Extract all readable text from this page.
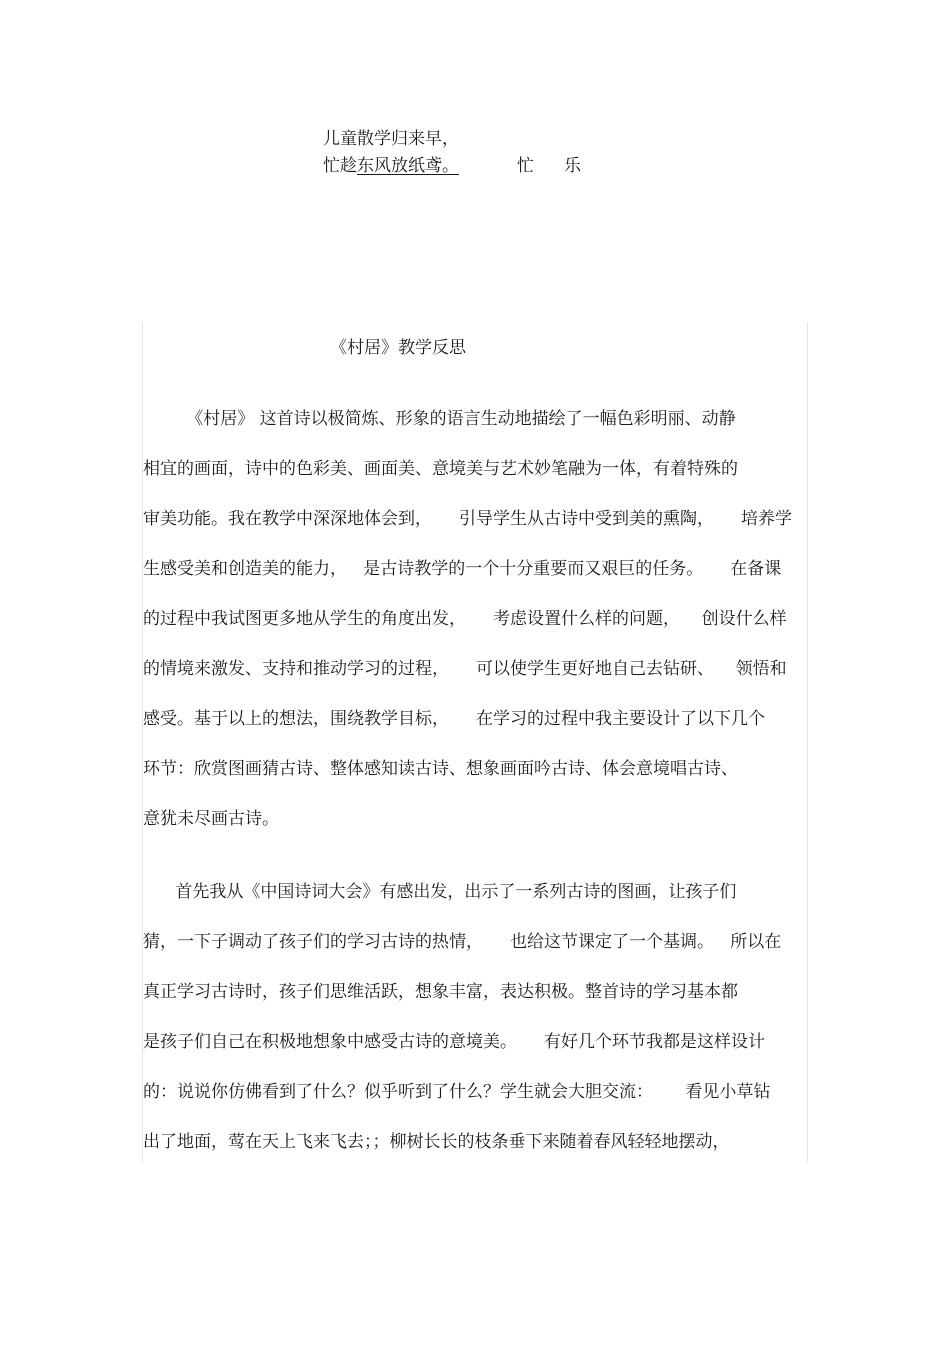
儿童散学归来早，
忙趁东风放纸鸢。	忙 乐
《村居》教学反思
《村居》 这首诗以极简炼、形象的语言生动地描绘了一幅色彩明丽、动静
相宜的画面，诗中的色彩美、画面美、意境美与艺术妙笔融为一体，有着特殊的
审美功能。我在教学中深深地体会到，     引导学生从古诗中受到美的熏陶，     培养学
生感受美和创造美的能力，   是古诗教学的一个十分重要而又艰巨的任务。     在备课
的过程中我试图更多地从学生的角度出发，     考虑设置什么样的问题，    创设什么样
的情境来激发、支持和推动学习的过程，     可以使学生更好地自己去钻研、    领悟和
感受。基于以上的想法，围绕教学目标，     在学习的过程中我主要设计了以下几个
环节：欣赏图画猜古诗、整体感知读古诗、想象画面吟古诗、体会意境唱古诗、
意犹未尽画古诗。
首先我从《中国诗词大会》有感出发，出示了一系列古诗的图画，让孩子们
猜，一下子调动了孩子们的学习古诗的热情，     也给这节课定了一个基调。   所以在
真正学习古诗时，孩子们思维活跃，想象丰富，表达积极。整首诗的学习基本都
是孩子们自己在积极地想象中感受古诗的意境美。     有好几个环节我都是这样设计
的：说说你仿佛看到了什么？似乎听到了什么？学生就会大胆交流：      看见小草钻
出了地面，莺在天上飞来飞去；；柳树长长的枝条垂下来随着春风轻轻地摆动，
